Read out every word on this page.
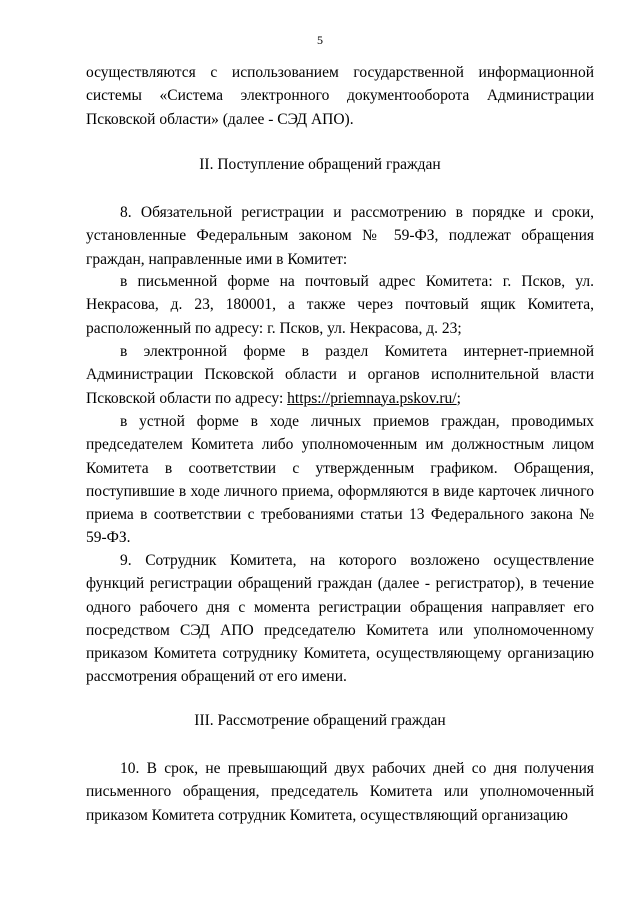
5

осуществляются с использованием государственной информационной системы «Система электронного документооборота Администрации Псковской области» (далее - СЭД АПО).

II. Поступление обращений граждан

8. Обязательной регистрации и рассмотрению в порядке и сроки, установленные Федеральным законом № 59-ФЗ, подлежат обращения граждан, направленные ими в Комитет:

в письменной форме на почтовый адрес Комитета: г. Псков, ул. Некрасова, д. 23, 180001, а также через почтовый ящик Комитета, расположенный по адресу: г. Псков, ул. Некрасова, д. 23;

в электронной форме в раздел Комитета интернет-приемной Администрации Псковской области и органов исполнительной власти Псковской области по адресу: https://priemnaya.pskov.ru/;

в устной форме в ходе личных приемов граждан, проводимых председателем Комитета либо уполномоченным им должностным лицом Комитета в соответствии с утвержденным графиком. Обращения, поступившие в ходе личного приема, оформляются в виде карточек личного приема в соответствии с требованиями статьи 13 Федерального закона № 59-ФЗ.

9. Сотрудник Комитета, на которого возложено осуществление функций регистрации обращений граждан (далее - регистратор), в течение одного рабочего дня с момента регистрации обращения направляет его посредством СЭД АПО председателю Комитета или уполномоченному приказом Комитета сотруднику Комитета, осуществляющему организацию рассмотрения обращений от его имени.

III. Рассмотрение обращений граждан

10. В срок, не превышающий двух рабочих дней со дня получения письменного обращения, председатель Комитета или уполномоченный приказом Комитета сотрудник Комитета, осуществляющий организацию
